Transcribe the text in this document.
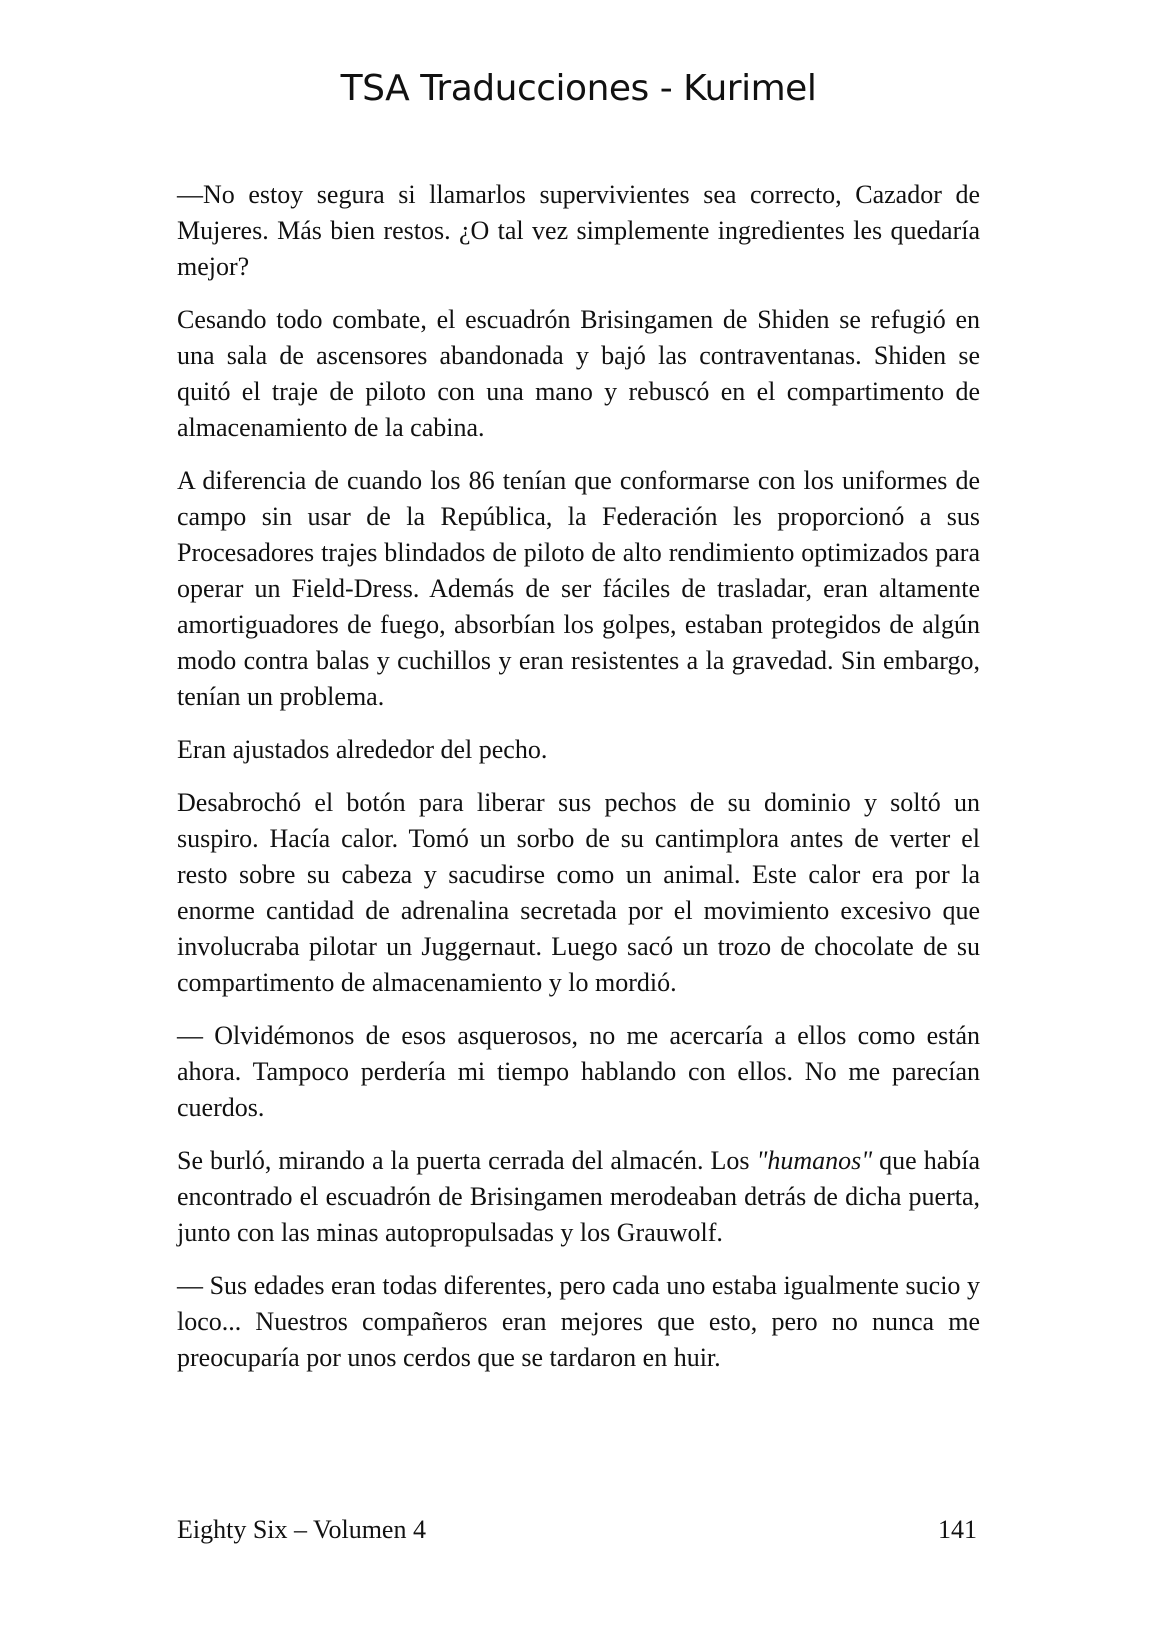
TSA Traducciones - Kurimel

—No estoy segura si llamarlos supervivientes sea correcto, Cazador de Mujeres. Más bien restos. ¿O tal vez simplemente ingredientes les quedaría mejor?

Cesando todo combate, el escuadrón Brisingamen de Shiden se refugió en una sala de ascensores abandonada y bajó las contraventanas. Shiden se quitó el traje de piloto con una mano y rebuscó en el compartimento de almacenamiento de la cabina.

A diferencia de cuando los 86 tenían que conformarse con los uniformes de campo sin usar de la República, la Federación les proporcionó a sus Procesadores trajes blindados de piloto de alto rendimiento optimizados para operar un Field-Dress. Además de ser fáciles de trasladar, eran altamente amortiguadores de fuego, absorbían los golpes, estaban protegidos de algún modo contra balas y cuchillos y eran resistentes a la gravedad. Sin embargo, tenían un problema.

Eran ajustados alrededor del pecho.

Desabrochó el botón para liberar sus pechos de su dominio y soltó un suspiro. Hacía calor. Tomó un sorbo de su cantimplora antes de verter el resto sobre su cabeza y sacudirse como un animal. Este calor era por la enorme cantidad de adrenalina secretada por el movimiento excesivo que involucraba pilotar un Juggernaut. Luego sacó un trozo de chocolate de su compartimento de almacenamiento y lo mordió.

— Olvidémonos de esos asquerosos, no me acercaría a ellos como están ahora. Tampoco perdería mi tiempo hablando con ellos. No me parecían cuerdos.

Se burló, mirando a la puerta cerrada del almacén. Los "humanos" que había encontrado el escuadrón de Brisingamen merodeaban detrás de dicha puerta, junto con las minas autopropulsadas y los Grauwolf.

— Sus edades eran todas diferentes, pero cada uno estaba igualmente sucio y loco... Nuestros compañeros eran mejores que esto, pero no nunca me preocuparía por unos cerdos que se tardaron en huir.

Eighty Six – Volumen 4	141
